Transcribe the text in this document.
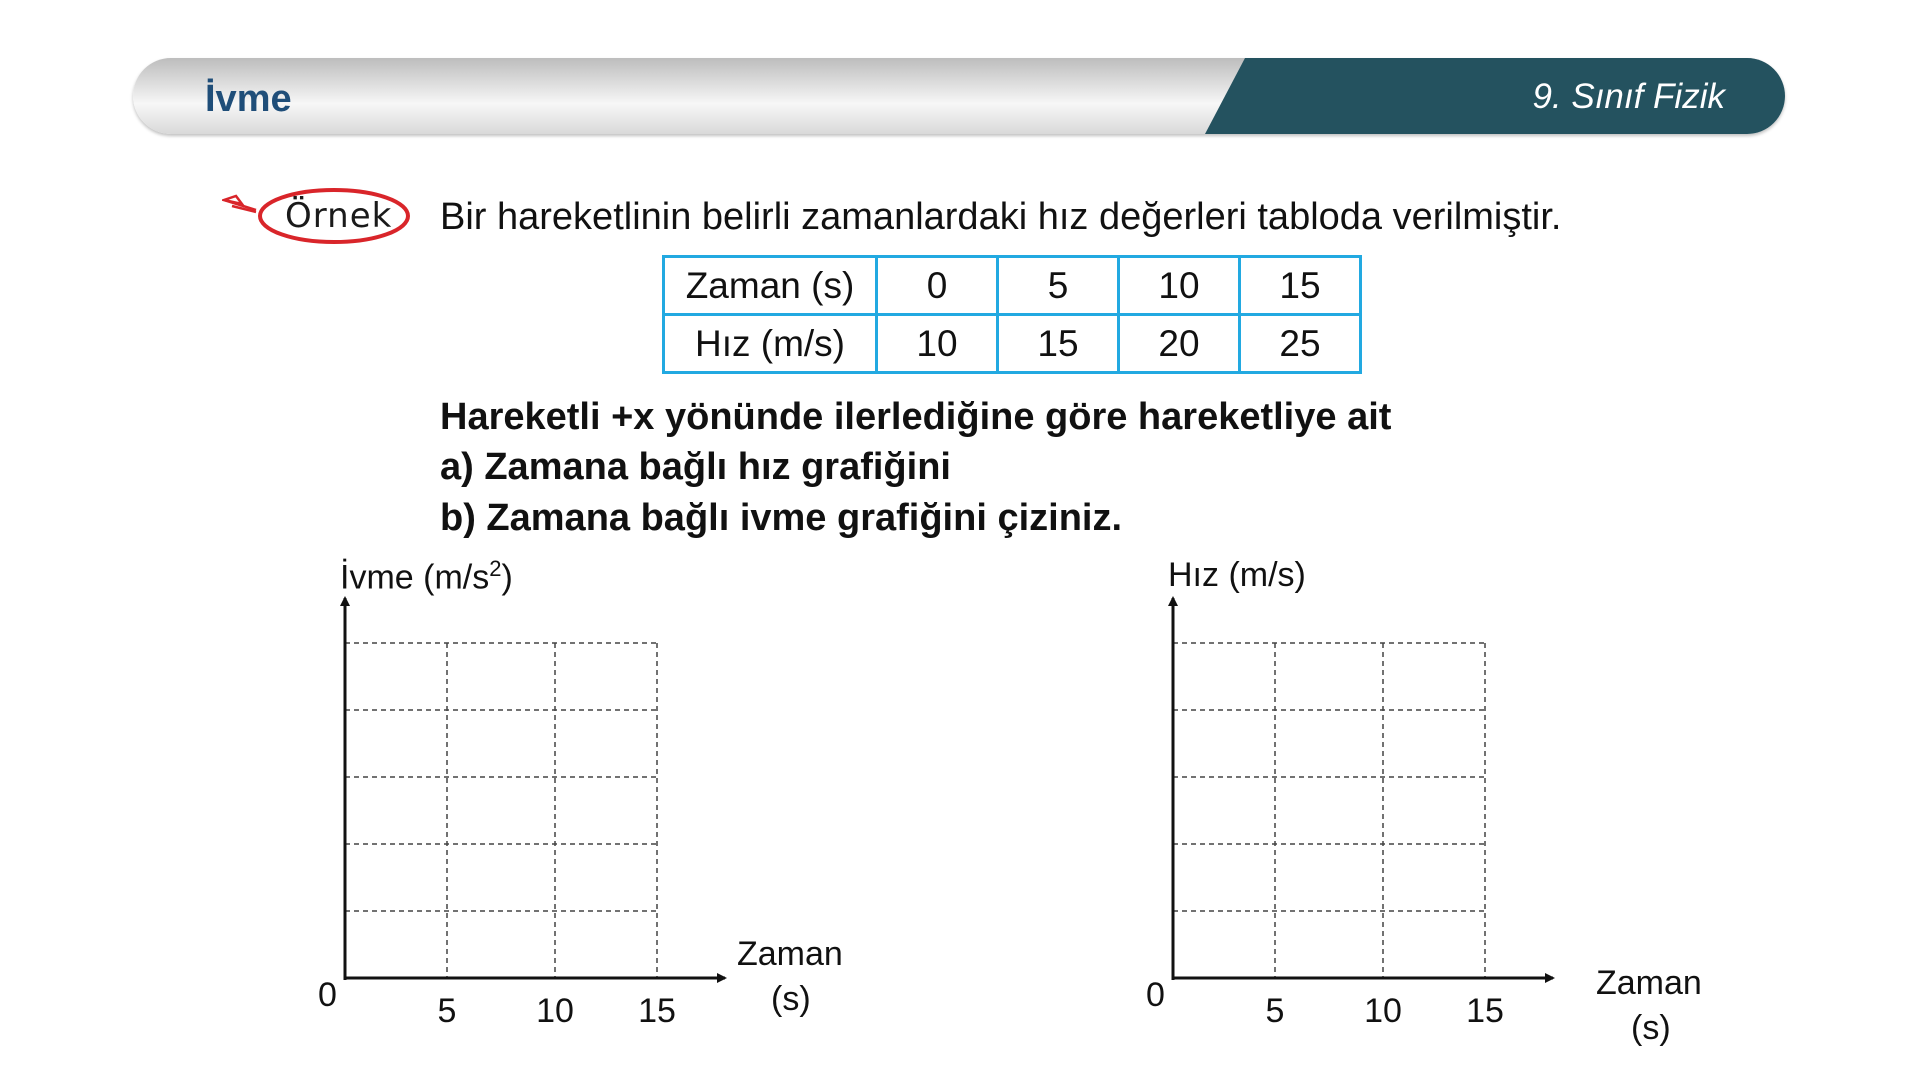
İvme	9. Sınıf Fizik
Örnek Bir hareketlinin belirli zamanlardaki hız değerleri tabloda verilmiştir.
Zaman (s)	0	5	10	15
Hız (m/s)	10	15	20	25
Hareketli +x yönünde ilerlediğine göre hareketliye ait
a) Zamana bağlı hız grafiğini
b) Zamana bağlı ivme grafiğini çiziniz.
İvme $(m/s^2)$
0	5	10	15
Zaman
(s)
Hız (m/s)
0	5	10	15
Zaman
(s)
